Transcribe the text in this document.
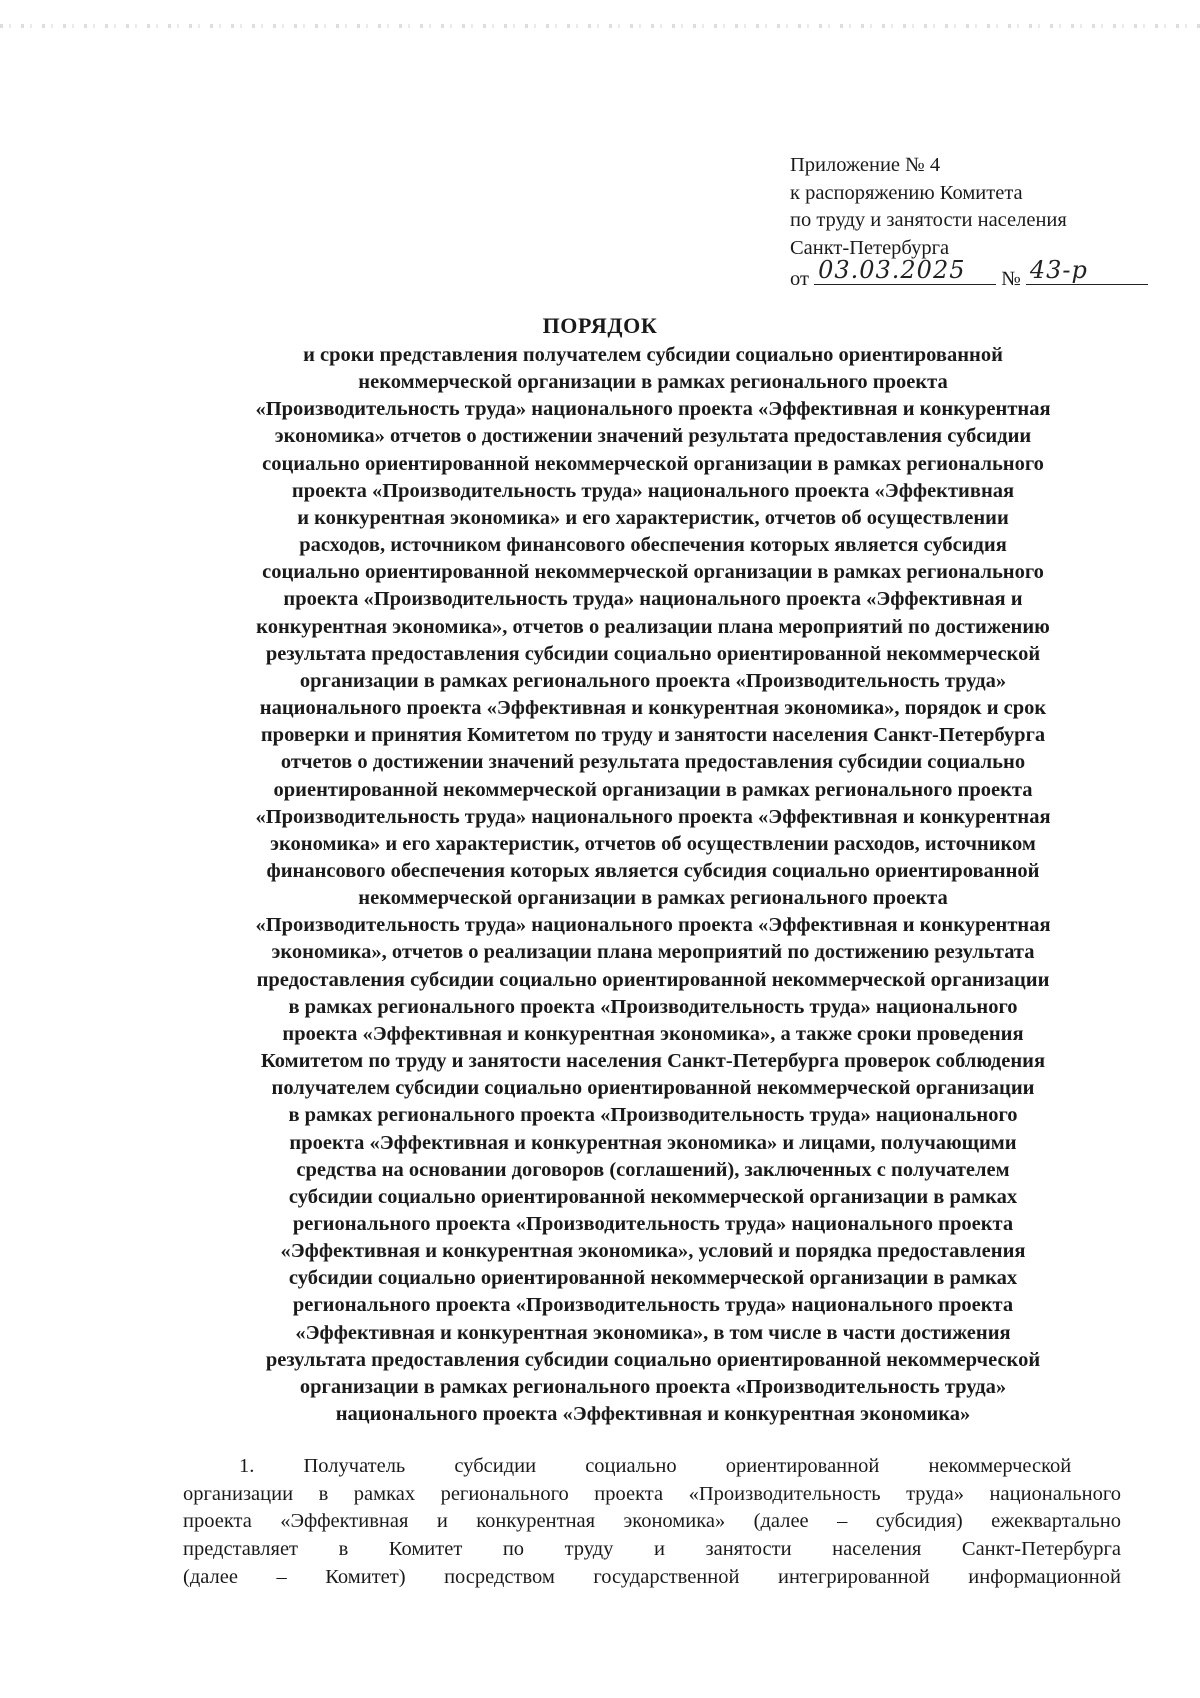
Приложение № 4
к распоряжению Комитета
по труду и занятости населения
Санкт-Петербурга
от 03.03.2025 № 43-р
ПОРЯДОК
и сроки представления получателем субсидии социально ориентированной
некоммерческой организации в рамках регионального проекта
«Производительность труда» национального проекта «Эффективная и конкурентная
экономика» отчетов о достижении значений результата предоставления субсидии
социально ориентированной некоммерческой организации в рамках регионального
проекта «Производительность труда» национального проекта «Эффективная
и конкурентная экономика» и его характеристик, отчетов об осуществлении
расходов, источником финансового обеспечения которых является субсидия
социально ориентированной некоммерческой организации в рамках регионального
проекта «Производительность труда» национального проекта «Эффективная и
конкурентная экономика», отчетов о реализации плана мероприятий по достижению
результата предоставления субсидии социально ориентированной некоммерческой
организации в рамках регионального проекта «Производительность труда»
национального проекта «Эффективная и конкурентная экономика», порядок и срок
проверки и принятия Комитетом по труду и занятости населения Санкт-Петербурга
отчетов о достижении значений результата предоставления субсидии социально
ориентированной некоммерческой организации в рамках регионального проекта
«Производительность труда» национального проекта «Эффективная и конкурентная
экономика» и его характеристик, отчетов об осуществлении расходов, источником
финансового обеспечения которых является субсидия социально ориентированной
некоммерческой организации в рамках регионального проекта
«Производительность труда» национального проекта «Эффективная и конкурентная
экономика», отчетов о реализации плана мероприятий по достижению результата
предоставления субсидии социально ориентированной некоммерческой организации
в рамках регионального проекта «Производительность труда» национального
проекта «Эффективная и конкурентная экономика», а также сроки проведения
Комитетом по труду и занятости населения Санкт-Петербурга проверок соблюдения
получателем субсидии социально ориентированной некоммерческой организации
в рамках регионального проекта «Производительность труда» национального
проекта «Эффективная и конкурентная экономика» и лицами, получающими
средства на основании договоров (соглашений), заключенных с получателем
субсидии социально ориентированной некоммерческой организации в рамках
регионального проекта «Производительность труда» национального проекта
«Эффективная и конкурентная экономика», условий и порядка предоставления
субсидии социально ориентированной некоммерческой организации в рамках
регионального проекта «Производительность труда» национального проекта
«Эффективная и конкурентная экономика», в том числе в части достижения
результата предоставления субсидии социально ориентированной некоммерческой
организации в рамках регионального проекта «Производительность труда»
национального проекта «Эффективная и конкурентная экономика»
1. Получатель субсидии социально ориентированной некоммерческой
организации в рамках регионального проекта «Производительность труда» национального
проекта «Эффективная и конкурентная экономика» (далее – субсидия) ежеквартально
представляет в Комитет по труду и занятости населения Санкт-Петербурга
(далее – Комитет) посредством государственной интегрированной информационной
